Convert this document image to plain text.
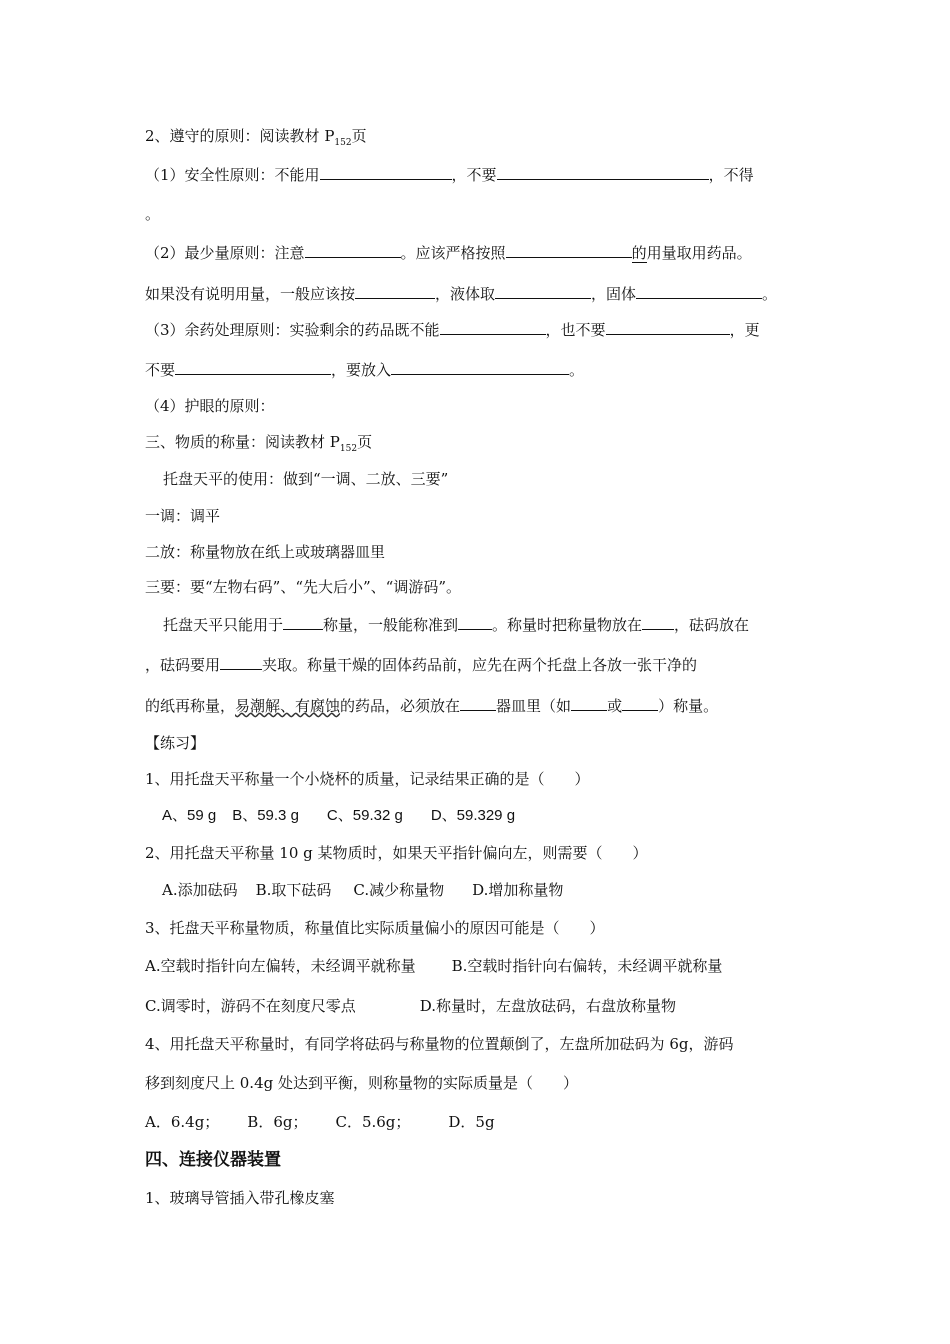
2、遵守的原则：阅读教材 $P_{152}$页
（1）安全性原则：不能用	，不要	，不得
。
（2）最少量原则：注意	。应该严格按照	的用量取用药品。
如果没有说明用量，一般应该按	，液体取	，固体	。
（3）余药处理原则：实验剩余的药品既不能	，也不要	，更
不要	，要放入	。
（4）护眼的原则：
三、物质的称量：阅读教材 $P_{152}$页
托盘天平的使用：做到“一调、二放、三要”
一调：调平
二放：称量物放在纸上或玻璃器皿里
三要：要“左物右码”、“先大后小”、“调游码”。
托盘天平只能用于	称量，一般能称准到 。称量时把称量物放在 ，砝码放在
，砝码要用	夹取。称量干燥的固体药品前，应先在两个托盘上各放一张干净的
的纸再称量，易潮解、有腐蚀的药品，必须放在 器皿里（如 或 ）称量。
【练习】
1、用托盘天平称量一个小烧杯的质量，记录结果正确的是（　　）
A、59 g B、59.3 g C、59.32 g D、59.329 g
2、用托盘天平称量 10 g 某物质时，如果天平指针偏向左，则需要（　　）
A.添加砝码 B.取下砝码 C.减少称量物 D.增加称量物
3、托盘天平称量物质，称量值比实际质量偏小的原因可能是（　　）
A.空载时指针向左偏转，未经调平就称量 B.空载时指针向右偏转，未经调平就称量
C.调零时，游码不在刻度尺零点	D.称量时，左盘放砝码，右盘放称量物
4、用托盘天平称量时，有同学将砝码与称量物的位置颠倒了，左盘所加砝码为 6g，游码
移到刻度尺上 0.4g 处达到平衡，则称量物的实际质量是（　　）
A．6.4g； B．6g； C．5.6g；	D．5g
四、连接仪器装置
1、玻璃导管插入带孔橡皮塞
